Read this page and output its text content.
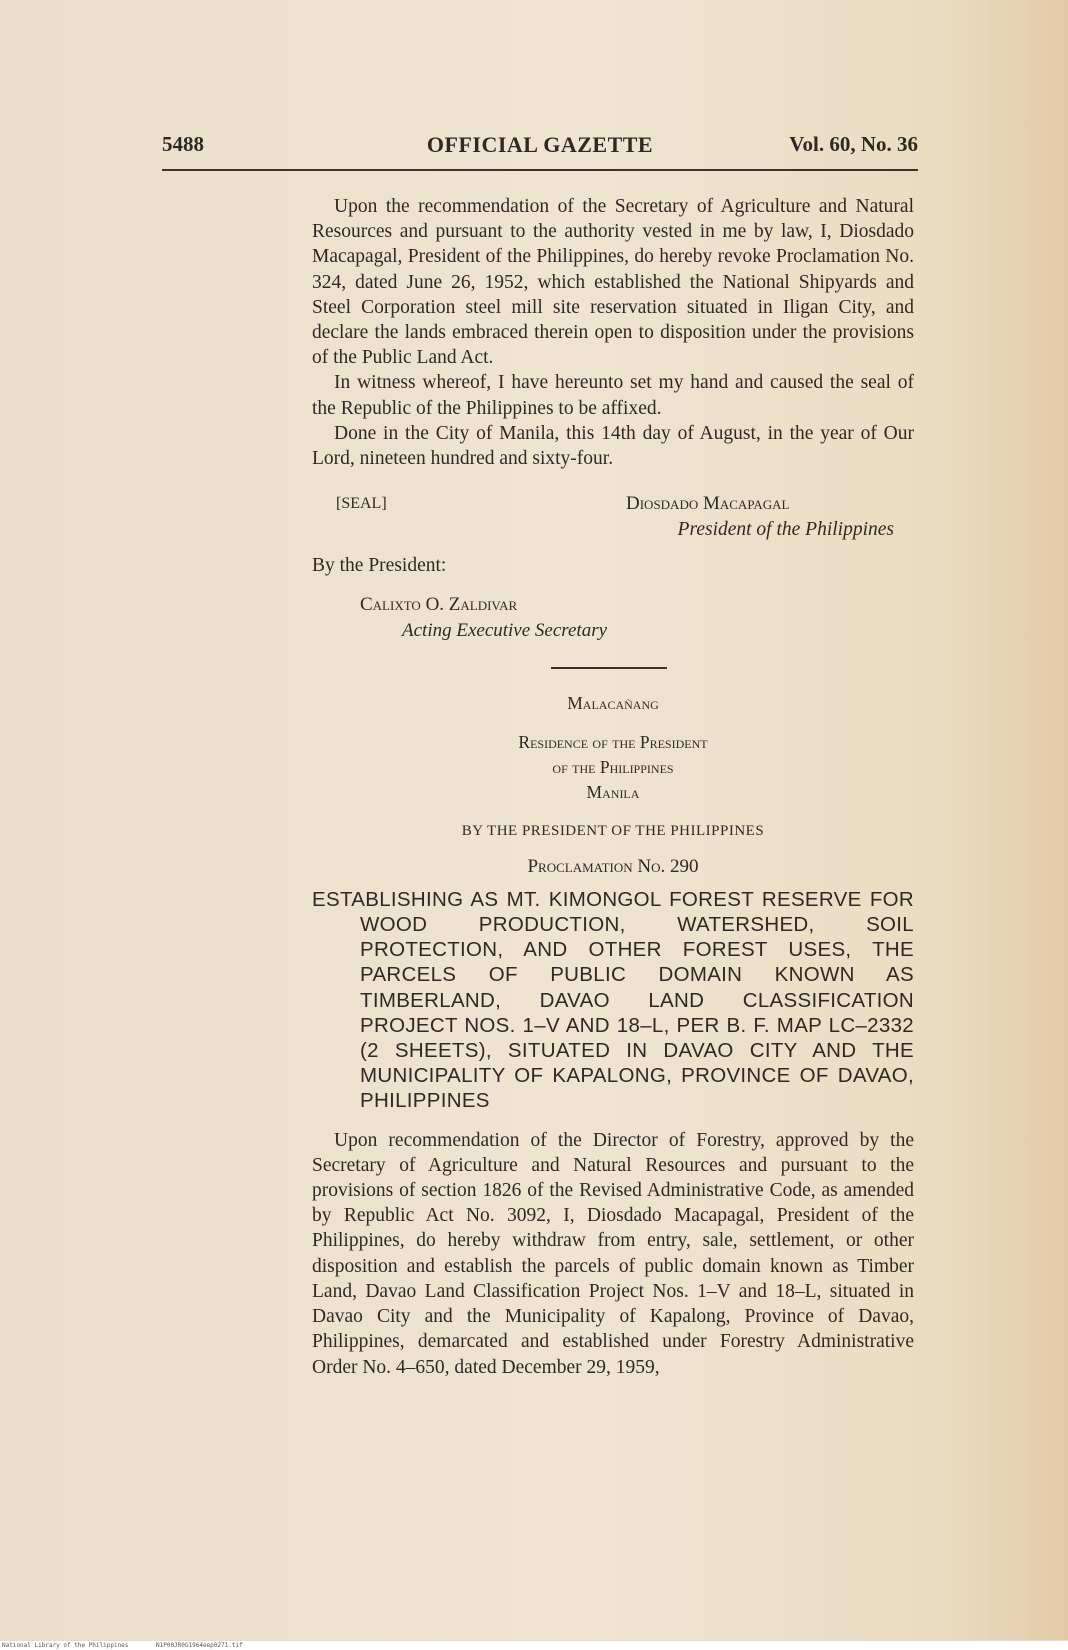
5488	OFFICIAL GAZETTE	Vol. 60, No. 36

Upon the recommendation of the Secretary of Agriculture and Natural Resources and pursuant to the authority vested in me by law, I, Diosdado Macapagal, President of the Philippines, do hereby revoke Proclamation No. 324, dated June 26, 1952, which established the National Shipyards and Steel Corporation steel mill site reservation situated in Iligan City, and declare the lands embraced therein open to disposition under the provisions of the Public Land Act.

In witness whereof, I have hereunto set my hand and caused the seal of the Republic of the Philippines to be affixed.

Done in the City of Manila, this 14th day of August, in the year of Our Lord, nineteen hundred and sixty-four.

[SEAL]	Diosdado Macapagal
President of the Philippines
By the President:
Calixto O. Zaldivar
Acting Executive Secretary
Malacañang
Residence of the President
of the Philippines
Manila
BY THE PRESIDENT OF THE PHILIPPINES
Proclamation No. 290
ESTABLISHING AS MT. KIMONGOL FOREST RESERVE FOR WOOD PRODUCTION, WATERSHED, SOIL PROTECTION, AND OTHER FOREST USES, THE PARCELS OF PUBLIC DOMAIN KNOWN AS TIMBERLAND, DAVAO LAND CLASSIFICATION PROJECT NOS. 1–V AND 18–L, PER B. F. MAP LC–2332 (2 SHEETS), SITUATED IN DAVAO CITY AND THE MUNICIPALITY OF KAPALONG, PROVINCE OF DAVAO, PHILIPPINES

Upon recommendation of the Director of Forestry, approved by the Secretary of Agriculture and Natural Resources and pursuant to the provisions of section 1826 of the Revised Administrative Code, as amended by Republic Act No. 3092, I, Diosdado Macapagal, President of the Philippines, do hereby withdraw from entry, sale, settlement, or other disposition and establish the parcels of public domain known as Timber Land, Davao Land Classification Project Nos. 1–V and 18–L, situated in Davao City and the Municipality of Kapalong, Province of Davao, Philippines, demarcated and established under Forestry Administrative Order No. 4–650, dated December 29, 1959,

National Library of the Philippines	N1P00JR0G1964eep0271.tif
